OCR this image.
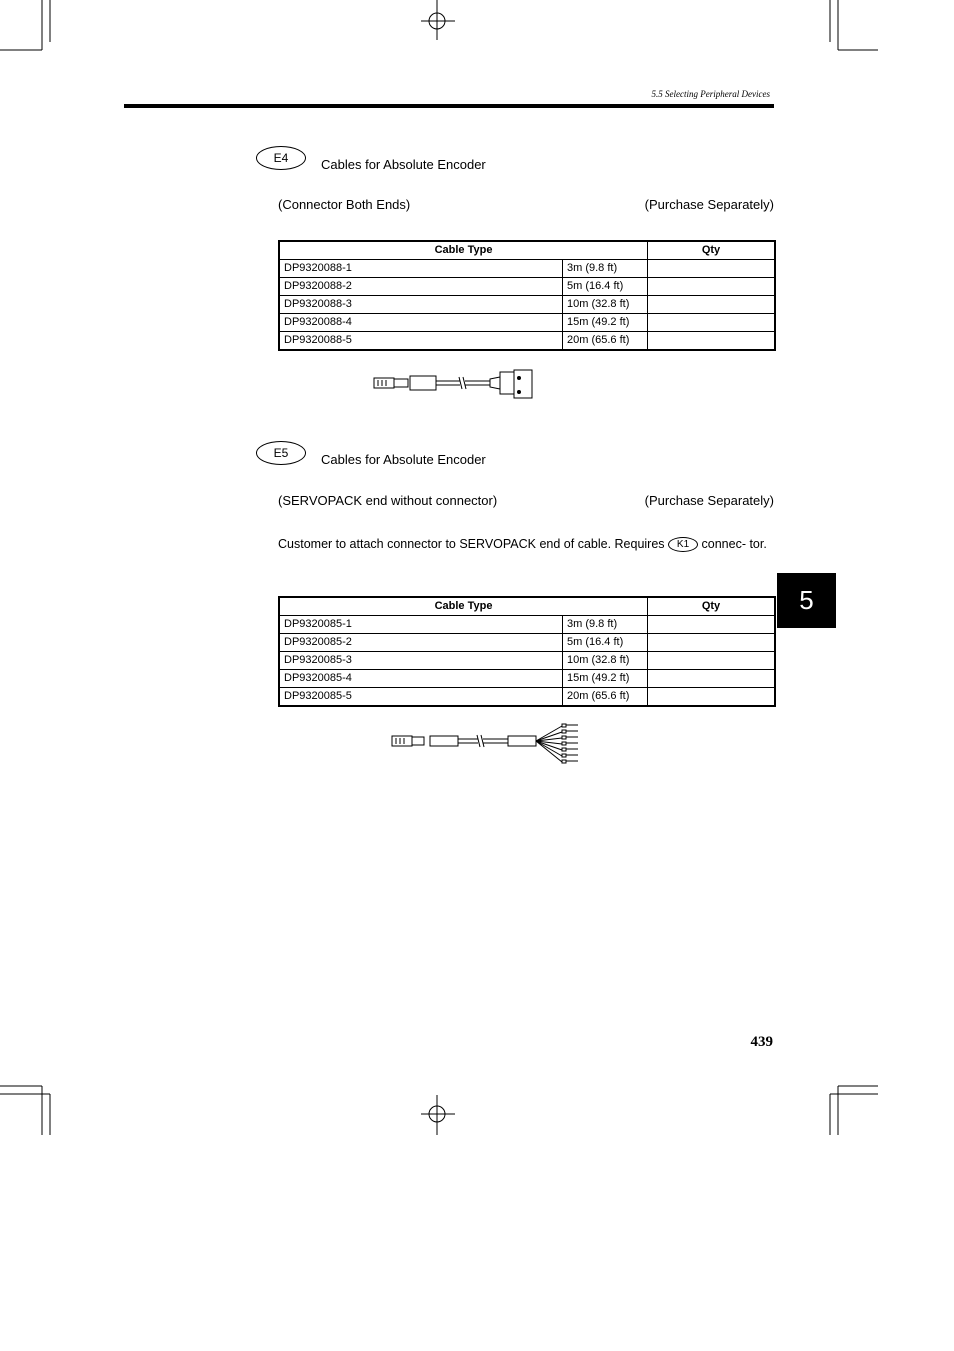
5.5 Selecting Peripheral Devices
E4	Cables for Absolute Encoder
(Connector Both Ends)	(Purchase Separately)
Cable Type		Qty
DP9320088-1	3m (9.8 ft)	
DP9320088-2	5m (16.4 ft)	
DP9320088-3	10m (32.8 ft)	
DP9320088-4	15m (49.2 ft)	
DP9320088-5	20m (65.6 ft)	
E5	Cables for Absolute Encoder
(SERVOPACK end without connector)	(Purchase Separately)
Customer to attach connector to SERVOPACK end of cable. Requires K1 connec- tor.
Cable Type		Qty
DP9320085-1	3m (9.8 ft)	
DP9320085-2	5m (16.4 ft)	
DP9320085-3	10m (32.8 ft)	
DP9320085-4	15m (49.2 ft)	
DP9320085-5	20m (65.6 ft)	
5
439
